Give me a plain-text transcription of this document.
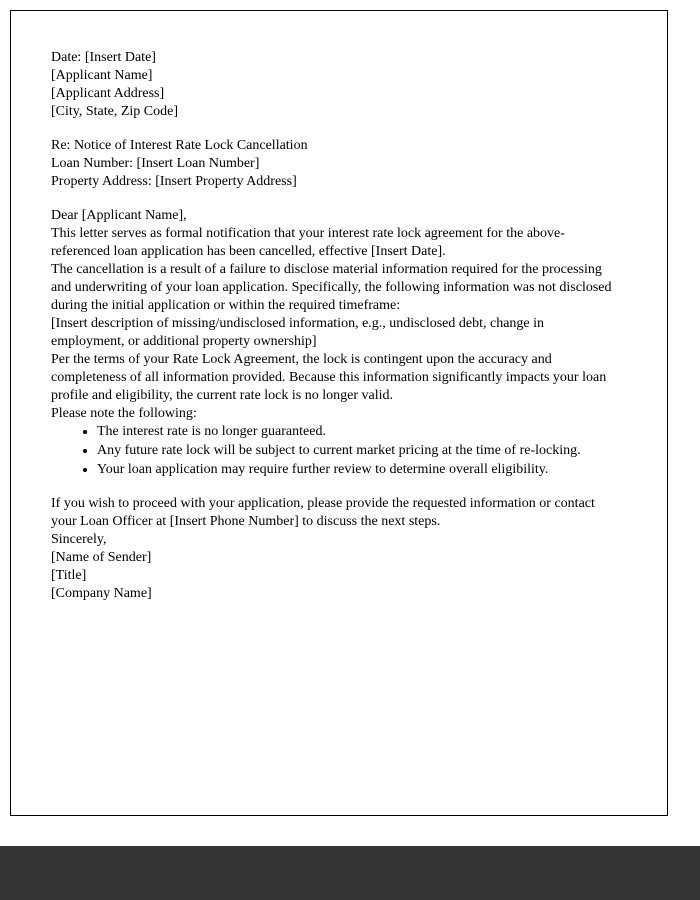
Date: [Insert Date]

[Applicant Name]
[Applicant Address]
[City, State, Zip Code]

Re: Notice of Interest Rate Lock Cancellation

Loan Number: [Insert Loan Number]
Property Address: [Insert Property Address]

Dear [Applicant Name],

This letter serves as formal notification that your interest rate lock agreement for the above-referenced loan application has been cancelled, effective [Insert Date].

The cancellation is a result of a failure to disclose material information required for the processing and underwriting of your loan application. Specifically, the following information was not disclosed during the initial application or within the required timeframe:

[Insert description of missing/undisclosed information, e.g., undisclosed debt, change in employment, or additional property ownership]

Per the terms of your Rate Lock Agreement, the lock is contingent upon the accuracy and completeness of all information provided. Because this information significantly impacts your loan profile and eligibility, the current rate lock is no longer valid.

Please note the following:

• The interest rate is no longer guaranteed.
• Any future rate lock will be subject to current market pricing at the time of re-locking.
• Your loan application may require further review to determine overall eligibility.

If you wish to proceed with your application, please provide the requested information or contact your Loan Officer at [Insert Phone Number] to discuss the next steps.

Sincerely,

[Name of Sender]
[Title]
[Company Name]
